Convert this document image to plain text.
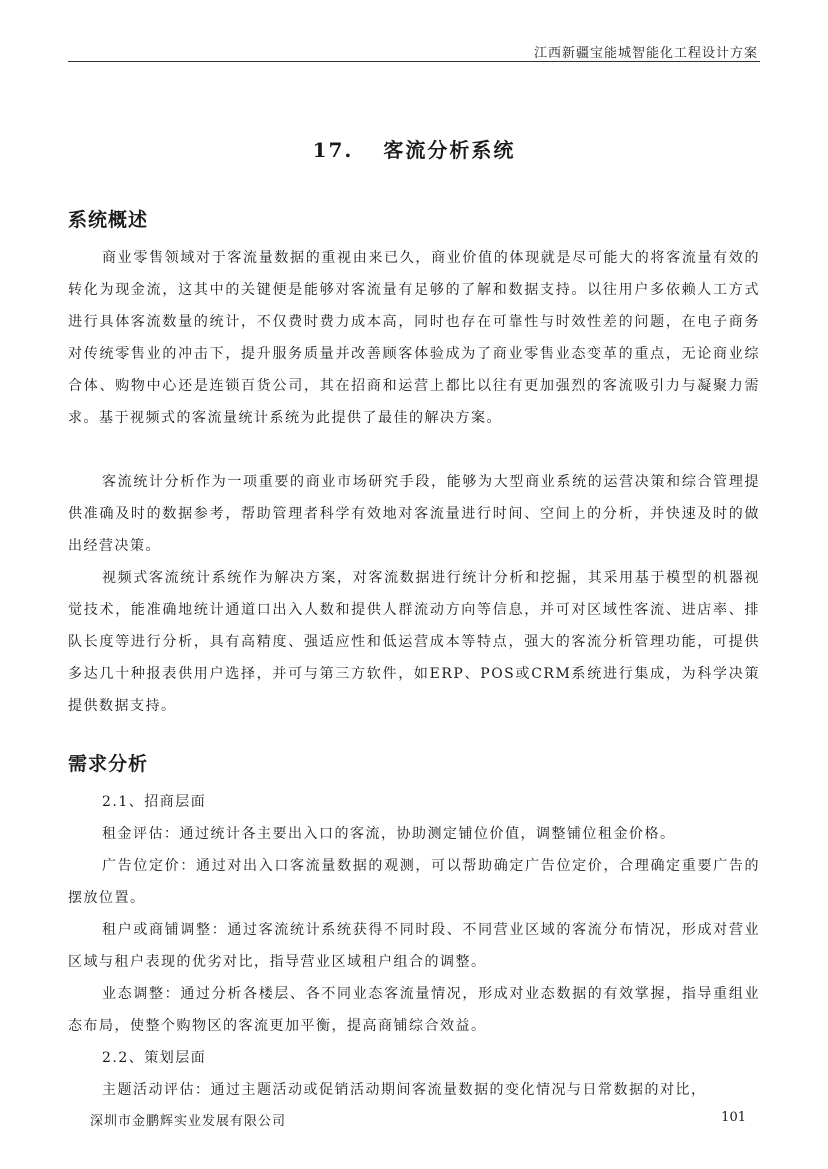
江西新疆宝能城智能化工程设计方案
17. 客流分析系统
系统概述

商业零售领域对于客流量数据的重视由来已久，商业价值的体现就是尽可能大的将客流量有效的转化为现金流，这其中的关键便是能够对客流量有足够的了解和数据支持。以往用户多依赖人工方式进行具体客流数量的统计，不仅费时费力成本高，同时也存在可靠性与时效性差的问题，在电子商务对传统零售业的冲击下，提升服务质量并改善顾客体验成为了商业零售业态变革的重点，无论商业综合体、购物中心还是连锁百货公司，其在招商和运营上都比以往有更加强烈的客流吸引力与凝聚力需求。基于视频式的客流量统计系统为此提供了最佳的解决方案。

客流统计分析作为一项重要的商业市场研究手段，能够为大型商业系统的运营决策和综合管理提供准确及时的数据参考，帮助管理者科学有效地对客流量进行时间、空间上的分析，并快速及时的做出经营决策。

视频式客流统计系统作为解决方案，对客流数据进行统计分析和挖掘，其采用基于模型的机器视觉技术，能准确地统计通道口出入人数和提供人群流动方向等信息，并可对区域性客流、进店率、排队长度等进行分析，具有高精度、强适应性和低运营成本等特点，强大的客流分析管理功能，可提供多达几十种报表供用户选择，并可与第三方软件，如ERP、POS或CRM系统进行集成，为科学决策提供数据支持。

需求分析
2.1、招商层面

租金评估：通过统计各主要出入口的客流，协助测定铺位价值，调整铺位租金价格。

广告位定价：通过对出入口客流量数据的观测，可以帮助确定广告位定价，合理确定重要广告的摆放位置。

租户或商铺调整：通过客流统计系统获得不同时段、不同营业区域的客流分布情况，形成对营业区域与租户表现的优劣对比，指导营业区域租户组合的调整。

业态调整：通过分析各楼层、各不同业态客流量情况，形成对业态数据的有效掌握，指导重组业态布局，使整个购物区的客流更加平衡，提高商铺综合效益。

2.2、策划层面

主题活动评估：通过主题活动或促销活动期间客流量数据的变化情况与日常数据的对比，

深圳市金鹏辉实业发展有限公司	101
